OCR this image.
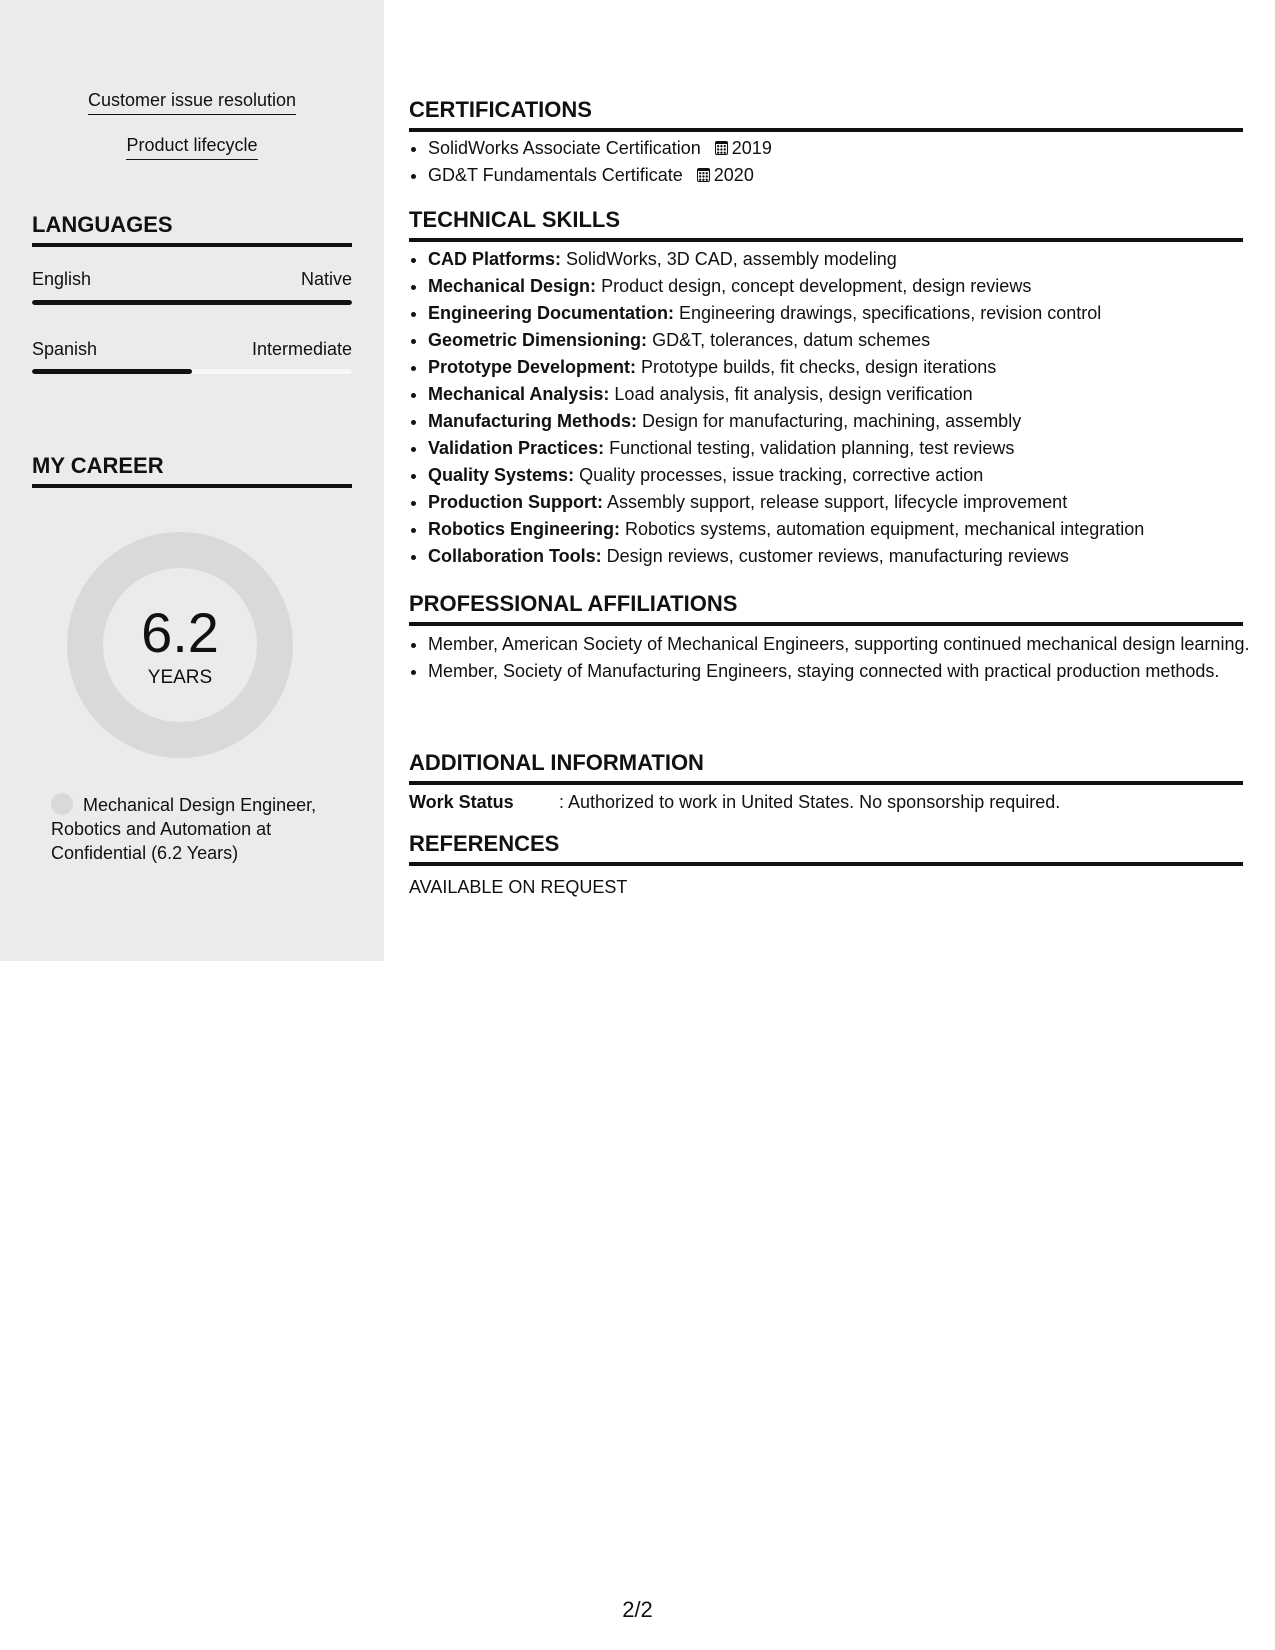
Customer issue resolution
Product lifecycle
LANGUAGES
English	Native
Spanish	Intermediate
MY CAREER
6.2
YEARS
Mechanical Design Engineer, Robotics and Automation at Confidential (6.2 Years)
CERTIFICATIONS
• SolidWorks Associate Certification 2019
• GD&T Fundamentals Certificate 2020
TECHNICAL SKILLS
• CAD Platforms: SolidWorks, 3D CAD, assembly modeling
• Mechanical Design: Product design, concept development, design reviews
• Engineering Documentation: Engineering drawings, specifications, revision control
• Geometric Dimensioning: GD&T, tolerances, datum schemes
• Prototype Development: Prototype builds, fit checks, design iterations
• Mechanical Analysis: Load analysis, fit analysis, design verification
• Manufacturing Methods: Design for manufacturing, machining, assembly
• Validation Practices: Functional testing, validation planning, test reviews
• Quality Systems: Quality processes, issue tracking, corrective action
• Production Support: Assembly support, release support, lifecycle improvement
• Robotics Engineering: Robotics systems, automation equipment, mechanical integration
• Collaboration Tools: Design reviews, customer reviews, manufacturing reviews
PROFESSIONAL AFFILIATIONS
• Member, American Society of Mechanical Engineers, supporting continued mechanical design learning.
• Member, Society of Manufacturing Engineers, staying connected with practical production methods.
ADDITIONAL INFORMATION
Work Status	: Authorized to work in United States. No sponsorship required.
REFERENCES
AVAILABLE ON REQUEST
2/2
